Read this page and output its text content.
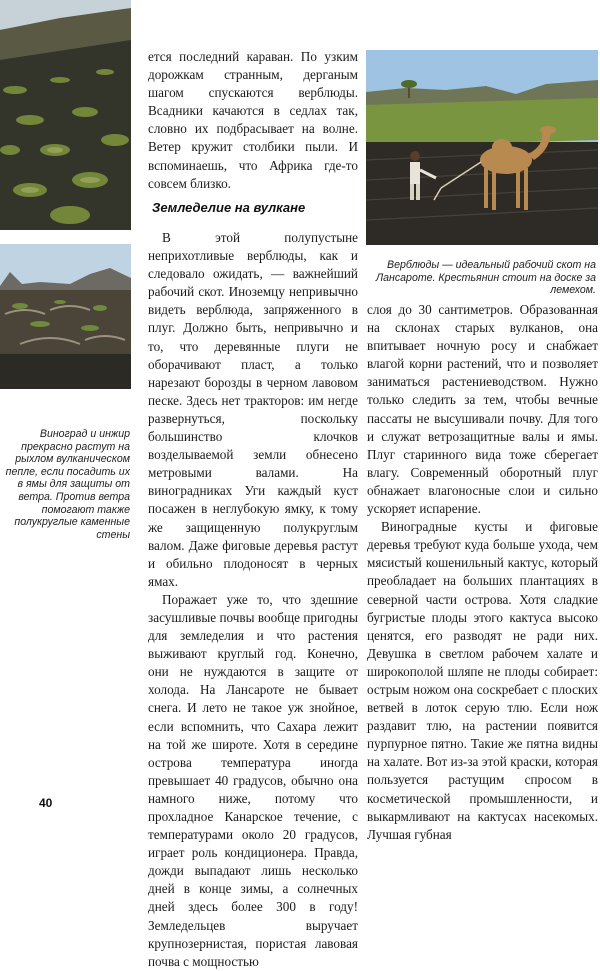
Виноград и инжир прекрасно растут на рыхлом вулканическом пепле, если посадить их в ямы для защиты от ветра. Против ветра помогают также полукруглые каменные стены
Верблюды — идеальный рабочий скот на Лансароте. Крестьянин стоит на доске за лемехом.

ется последний караван. По узким дорожкам странным, дерганым шагом спускаются верблюды. Всадники качаются в седлах так, словно их подбрасывает на волне. Ветер кружит столбики пыли. И вспоминаешь, что Африка где-то совсем близко.

Земледелие на вулкане

В этой полупустыне неприхотливые верблюды, как и следовало ожидать, — важнейший рабочий скот. Иноземцу непривычно видеть верблюда, запряженного в плуг. Должно быть, непривычно и то, что деревянные плуги не оборачивают пласт, а только нарезают борозды в черном лавовом песке. Здесь нет тракторов: им негде развернуться, поскольку большинство клочков возделываемой земли обнесено метровыми валами. На виноградниках Уги каждый куст посажен в неглубокую ямку, к тому же защищенную полукруглым валом. Даже фиговые деревья растут и обильно плодоносят в черных ямах.

Поражает уже то, что здешние засушливые почвы вообще пригодны для земледелия и что растения выживают круглый год. Конечно, они не нуждаются в защите от холода. На Лансароте не бывает снега. И лето не такое уж знойное, если вспомнить, что Сахара лежит на той же широте. Хотя в середине острова температура иногда превышает 40 градусов, обычно она намного ниже, потому что прохладное Канарское течение, с температурами около 20 градусов, играет роль кондиционера. Правда, дожди выпадают лишь несколько дней в конце зимы, а солнечных дней здесь более 300 в году! Земледельцев выручает крупнозернистая, пористая лавовая почва с мощностью

слоя до 30 сантиметров. Образованная на склонах старых вулканов, она впитывает ночную росу и снабжает влагой корни растений, что и позволяет заниматься растениеводством. Нужно только следить за тем, чтобы вечные пассаты не высушивали почву. Для того и служат ветрозащитные валы и ямы. Плуг старинного вида тоже сберегает влагу. Современный оборотный плуг обнажает влагоносные слои и сильно ускоряет испарение.

Виноградные кусты и фиговые деревья требуют куда больше ухода, чем мясистый кошенильный кактус, который преобладает на больших плантациях в северной части острова. Хотя сладкие бугристые плоды этого кактуса высоко ценятся, его разводят не ради них. Девушка в светлом рабочем халате и широкополой шляпе не плоды собирает: острым ножом она соскребает с плоских ветвей в лоток серую тлю. Если нож раздавит тлю, на растении появится пурпурное пятно. Такие же пятна видны на халате. Вот из-за этой краски, которая пользуется растущим спросом в косметической промышленности, и выкармливают на кактусах насекомых. Лучшая губная

40
